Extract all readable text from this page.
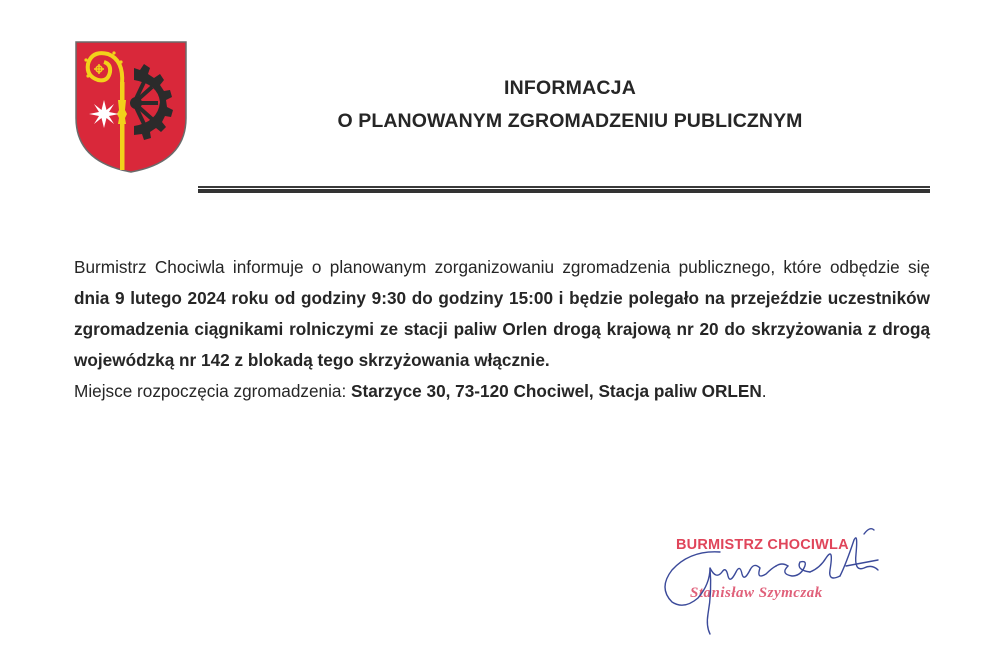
INFORMACJA
O PLANOWANYM ZGROMADZENIU PUBLICZNYM

Burmistrz Chociwla informuje o planowanym zorganizowaniu zgromadzenia publicznego, które odbędzie się dnia 9 lutego 2024 roku od godziny 9:30 do godziny 15:00 i będzie polegało na przejeździe uczestników zgromadzenia ciągnikami rolniczymi ze stacji paliw Orlen drogą krajową nr 20 do skrzyżowania z drogą wojewódzką nr 142 z blokadą tego skrzyżowania włącznie.

Miejsce rozpoczęcia zgromadzenia: Starzyce 30, 73-120 Chociwel, Stacja paliw ORLEN.

BURMISTRZ CHOCIWLA
Stanisław Szymczak
